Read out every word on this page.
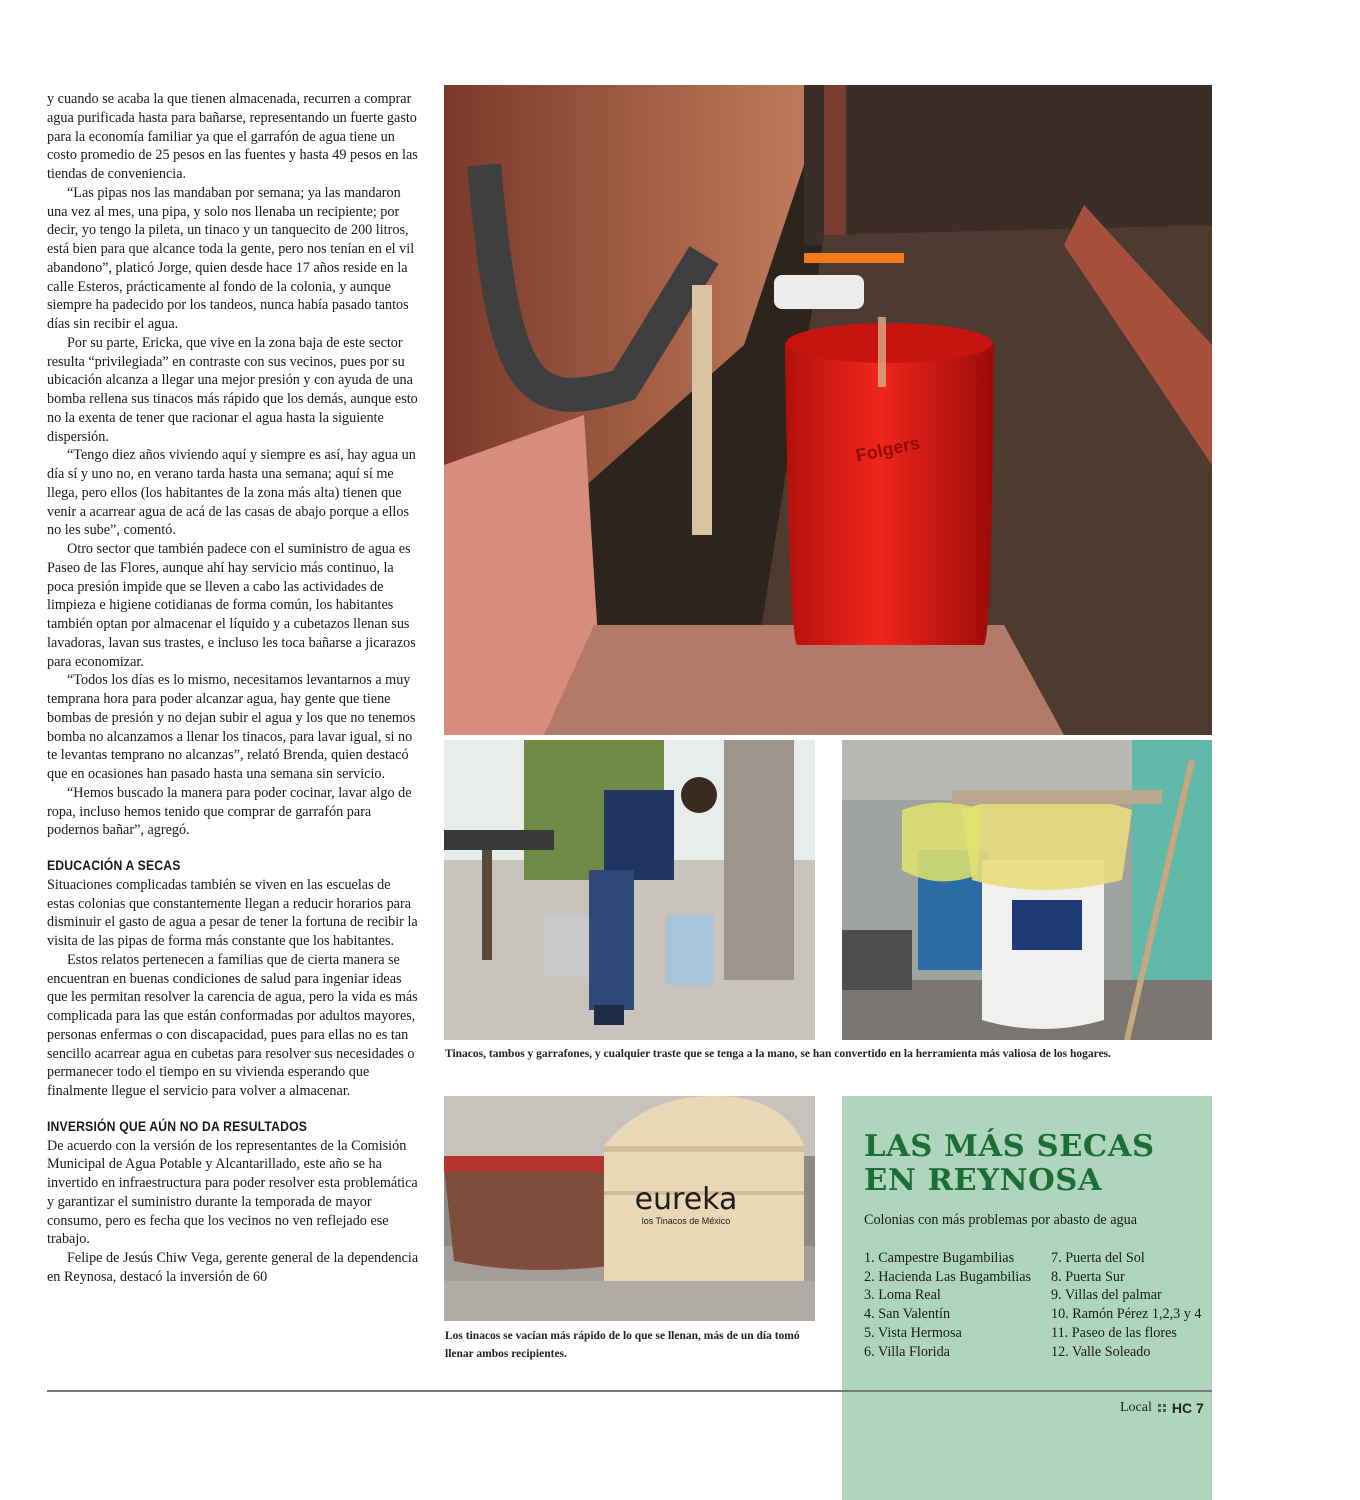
y cuando se acaba la que tienen almacenada, recurren a comprar agua purificada hasta para bañarse, representando un fuerte gasto para la economía familiar ya que el garrafón de agua tiene un costo promedio de 25 pesos en las fuentes y hasta 49 pesos en las tiendas de conveniencia.

“Las pipas nos las mandaban por semana; ya las mandaron una vez al mes, una pipa, y solo nos llenaba un recipiente; por decir, yo tengo la pileta, un tinaco y un tanquecito de 200 litros, está bien para que alcance toda la gente, pero nos tenían en el vil abandono”, platicó Jorge, quien desde hace 17 años reside en la calle Esteros, prácticamente al fondo de la colonia, y aunque siempre ha padecido por los tandeos, nunca había pasado tantos días sin recibir el agua.

Por su parte, Ericka, que vive en la zona baja de este sector resulta “privilegiada” en contraste con sus vecinos, pues por su ubicación alcanza a llegar una mejor presión y con ayuda de una bomba rellena sus tinacos más rápido que los demás, aunque esto no la exenta de tener que racionar el agua hasta la siguiente dispersión.

“Tengo diez años viviendo aquí y siempre es así, hay agua un día sí y uno no, en verano tarda hasta una semana; aquí sí me llega, pero ellos (los habitantes de la zona más alta) tienen que venir a acarrear agua de acá de las casas de abajo porque a ellos no les sube”, comentó.

Otro sector que también padece con el suministro de agua es Paseo de las Flores, aunque ahí hay servicio más continuo, la poca presión impide que se lleven a cabo las actividades de limpieza e higiene cotidianas de forma común, los habitantes también optan por almacenar el líquido y a cubetazos llenan sus lavadoras, lavan sus trastes, e incluso les toca bañarse a jicarazos para economizar.

“Todos los días es lo mismo, necesitamos levantarnos a muy temprana hora para poder alcanzar agua, hay gente que tiene bombas de presión y no dejan subir el agua y los que no tenemos bomba no alcanzamos a llenar los tinacos, para lavar igual, si no te levantas temprano no alcanzas”, relató Brenda, quien destacó que en ocasiones han pasado hasta una semana sin servicio.

“Hemos buscado la manera para poder cocinar, lavar algo de ropa, incluso hemos tenido que comprar de garrafón para podernos bañar”, agregó.

EDUCACIÓN A SECAS

Situaciones complicadas también se viven en las escuelas de estas colonias que constantemente llegan a reducir horarios para disminuir el gasto de agua a pesar de tener la fortuna de recibir la visita de las pipas de forma más constante que los habitantes.

Estos relatos pertenecen a familias que de cierta manera se encuentran en buenas condiciones de salud para ingeniar ideas que les permitan resolver la carencia de agua, pero la vida es más complicada para las que están conformadas por adultos mayores, personas enfermas o con discapacidad, pues para ellas no es tan sencillo acarrear agua en cubetas para resolver sus necesidades o permanecer todo el tiempo en su vivienda esperando que finalmente llegue el servicio para volver a almacenar.

INVERSIÓN QUE AÚN NO DA RESULTADOS

De acuerdo con la versión de los representantes de la Comisión Municipal de Agua Potable y Alcantarillado, este año se ha invertido en infraestructura para poder resolver esta problemática y garantizar el suministro durante la temporada de mayor consumo, pero es fecha que los vecinos no ven reflejado ese trabajo.

Felipe de Jesús Chiw Vega, gerente general de la dependencia en Reynosa, destacó la inversión de 60

Folgers

Tinacos, tambos y garrafones, y cualquier traste que se tenga a la mano, se han convertido en la herramienta más valiosa de los hogares.

eureka
los Tinacos de México

Los tinacos se vacían más rápido de lo que se llenan, más de un día tomó llenar ambos recipientes.

LAS MÁS SECAS
EN REYNOSA
Colonias con más problemas por abasto de agua
1. Campestre Bugambilias
2. Hacienda Las Bugambilias
3. Loma Real
4. San Valentín
5. Vista Hermosa
6. Villa Florida
7. Puerta del Sol
8. Puerta Sur
9. Villas del palmar
10. Ramón Pérez 1,2,3 y 4
11. Paseo de las flores
12. Valle Soleado
Local HC 7
